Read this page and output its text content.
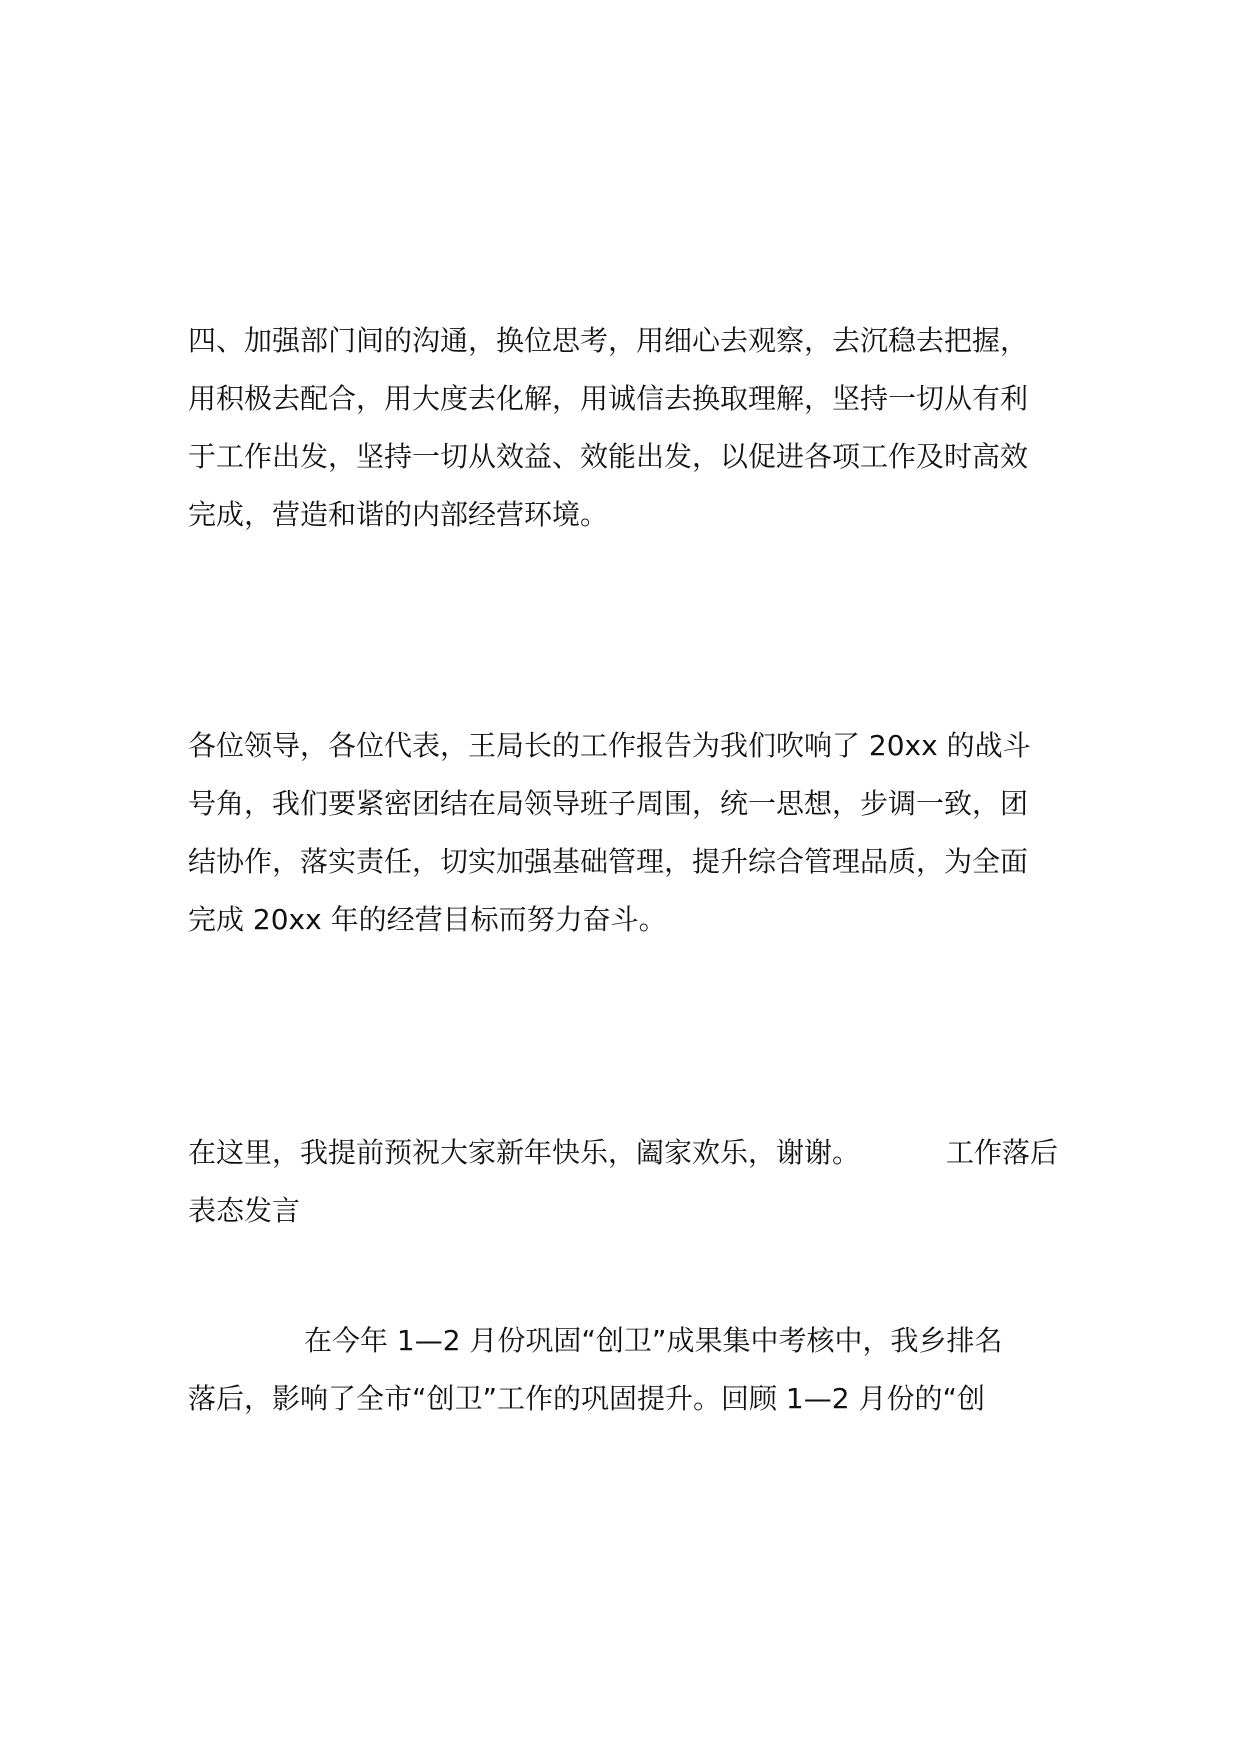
四、加强部门间的沟通，换位思考，用细心去观察，去沉稳去把握，
用积极去配合，用大度去化解，用诚信去换取理解，坚持一切从有利
于工作出发，坚持一切从效益、效能出发，以促进各项工作及时高效
完成，营造和谐的内部经营环境。
各位领导，各位代表，王局长的工作报告为我们吹响了 20xx 的战斗
号角，我们要紧密团结在局领导班子周围，统一思想，步调一致，团
结协作，落实责任，切实加强基础管理，提升综合管理品质，为全面
完成 20xx 年的经营目标而努力奋斗。
在这里，我提前预祝大家新年快乐，阖家欢乐，谢谢。	工作落后
表态发言
在今年 1—2 月份巩固“创卫”成果集中考核中，我乡排名
落后，影响了全市“创卫”工作的巩固提升。回顾 1—2 月份的“创
